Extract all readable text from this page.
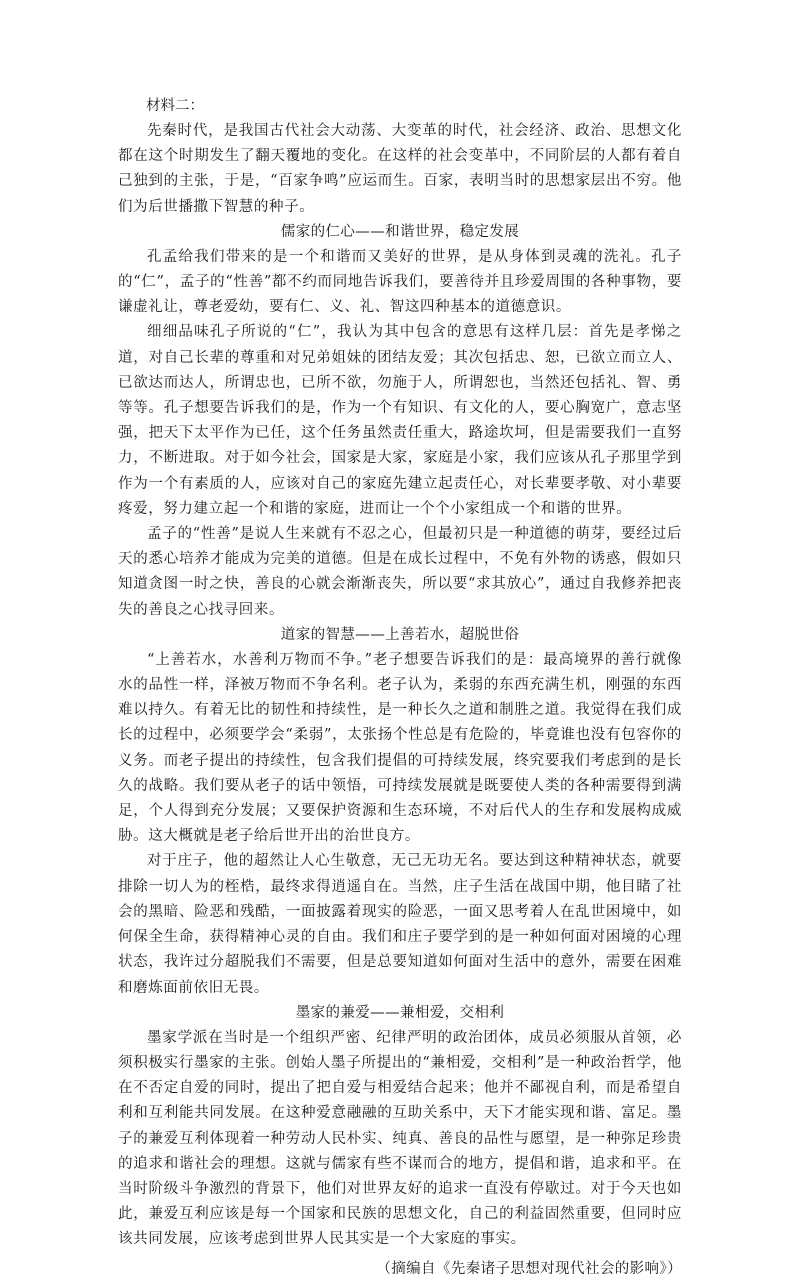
材料二：

先秦时代，是我国古代社会大动荡、大变革的时代，社会经济、政治、思想文化都在这个时期发生了翻天覆地的变化。在这样的社会变革中，不同阶层的人都有着自己独到的主张，于是，“百家争鸣”应运而生。百家，表明当时的思想家层出不穷。他们为后世播撒下智慧的种子。

儒家的仁心——和谐世界，稳定发展

孔孟给我们带来的是一个和谐而又美好的世界，是从身体到灵魂的洗礼。孔子的“仁”，孟子的“性善”都不约而同地告诉我们，要善待并且珍爱周围的各种事物，要谦虚礼让，尊老爱幼，要有仁、义、礼、智这四种基本的道德意识。

细细品味孔子所说的“仁”，我认为其中包含的意思有这样几层：首先是孝悌之道，对自己长辈的尊重和对兄弟姐妹的团结友爱；其次包括忠、恕，已欲立而立人、已欲达而达人，所谓忠也，已所不欲，勿施于人，所谓恕也，当然还包括礼、智、勇等等。孔子想要告诉我们的是，作为一个有知识、有文化的人，要心胸宽广，意志坚强，把天下太平作为已任，这个任务虽然责任重大，路途坎坷，但是需要我们一直努力，不断进取。对于如今社会，国家是大家，家庭是小家，我们应该从孔子那里学到作为一个有素质的人，应该对自己的家庭先建立起责任心，对长辈要孝敬、对小辈要疼爱，努力建立起一个和谐的家庭，进而让一个个小家组成一个和谐的世界。

孟子的“性善”是说人生来就有不忍之心，但最初只是一种道德的萌芽，要经过后天的悉心培养才能成为完美的道德。但是在成长过程中，不免有外物的诱惑，假如只知道贪图一时之快，善良的心就会渐渐丧失，所以要“求其放心”，通过自我修养把丧失的善良之心找寻回来。

道家的智慧——上善若水，超脱世俗

“上善若水，水善利万物而不争。”老子想要告诉我们的是：最高境界的善行就像水的品性一样，泽被万物而不争名利。老子认为，柔弱的东西充满生机，刚强的东西难以持久。有着无比的韧性和持续性，是一种长久之道和制胜之道。我觉得在我们成长的过程中，必须要学会“柔弱”，太张扬个性总是有危险的，毕竟谁也没有包容你的义务。而老子提出的持续性，包含我们提倡的可持续发展，终究要我们考虑到的是长久的战略。我们要从老子的话中领悟，可持续发展就是既要使人类的各种需要得到满足，个人得到充分发展；又要保护资源和生态环境，不对后代人的生存和发展构成威胁。这大概就是老子给后世开出的治世良方。

对于庄子，他的超然让人心生敬意，无己无功无名。要达到这种精神状态，就要排除一切人为的桎梏，最终求得逍遥自在。当然，庄子生活在战国中期，他目睹了社会的黑暗、险恶和残酷，一面披露着现实的险恶，一面又思考着人在乱世困境中，如何保全生命，获得精神心灵的自由。我们和庄子要学到的是一种如何面对困境的心理状态，我许过分超脱我们不需要，但是总要知道如何面对生活中的意外，需要在困难和磨炼面前依旧无畏。

墨家的兼爱——兼相爱，交相利

墨家学派在当时是一个组织严密、纪律严明的政治团体，成员必须服从首领，必须积极实行墨家的主张。创始人墨子所提出的“兼相爱，交相利”是一种政治哲学，他在不否定自爱的同时，提出了把自爱与相爱结合起来；他并不鄙视自利，而是希望自利和互利能共同发展。在这种爱意融融的互助关系中，天下才能实现和谐、富足。墨子的兼爱互利体现着一种劳动人民朴实、纯真、善良的品性与愿望，是一种弥足珍贵的追求和谐社会的理想。这就与儒家有些不谋而合的地方，提倡和谐，追求和平。在当时阶级斗争激烈的背景下，他们对世界友好的追求一直没有停歇过。对于今天也如此，兼爱互利应该是每一个国家和民族的思想文化，自己的利益固然重要，但同时应该共同发展，应该考虑到世界人民其实是一个大家庭的事实。

（摘编自《先秦诸子思想对现代社会的影响》）
